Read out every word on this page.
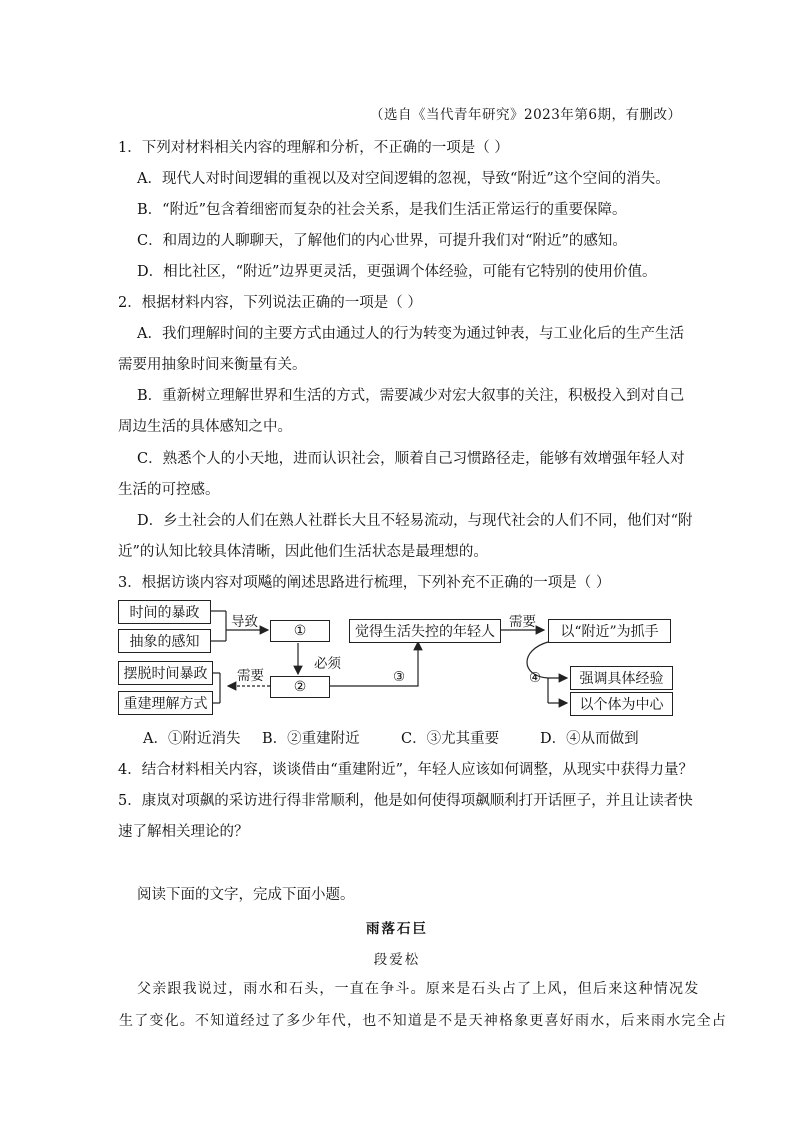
（选自《当代青年研究》2023年第6期，有删改）
1．下列对材料相关内容的理解和分析，不正确的一项是（ ）
A．现代人对时间逻辑的重视以及对空间逻辑的忽视，导致“附近”这个空间的消失。
B．“附近”包含着细密而复杂的社会关系，是我们生活正常运行的重要保障。
C．和周边的人聊聊天，了解他们的内心世界，可提升我们对“附近”的感知。
D．相比社区，“附近”边界更灵活，更强调个体经验，可能有它特别的使用价值。
2．根据材料内容，下列说法正确的一项是（ ）
A．我们理解时间的主要方式由通过人的行为转变为通过钟表，与工业化后的生产生活
需要用抽象时间来衡量有关。
B．重新树立理解世界和生活的方式，需要减少对宏大叙事的关注，积极投入到对自己
周边生活的具体感知之中。
C．熟悉个人的小天地，进而认识社会，顺着自己习惯路径走，能够有效增强年轻人对
生活的可控感。
D．乡土社会的人们在熟人社群长大且不轻易流动，与现代社会的人们不同，他们对“附
近”的认知比较具体清晰，因此他们生活状态是最理想的。
3．根据访谈内容对项飚的阐述思路进行梳理，下列补充不正确的一项是（ ）
时间的暴政
抽象的感知
导致
①
必须
②
需要
摆脱时间暴政
重建理解方式
③
觉得生活失控的年轻人
需要
以“附近”为抓手
④	强调具体经验
以个体为中心
A．①附近消失 B．②重建附近	C．③尤其重要	D．④从而做到
4．结合材料相关内容，谈谈借由“重建附近”，年轻人应该如何调整，从现实中获得力量？
5．康岚对项飙的采访进行得非常顺利，他是如何使得项飙顺利打开话匣子，并且让读者快
速了解相关理论的？
阅读下面的文字，完成下面小题。
雨落石巨
段爱松
父亲跟我说过，雨水和石头，一直在争斗。原来是石头占了上风，但后来这种情况发
生了变化。不知道经过了多少年代，也不知道是不是天神格象更喜好雨水，后来雨水完全占
